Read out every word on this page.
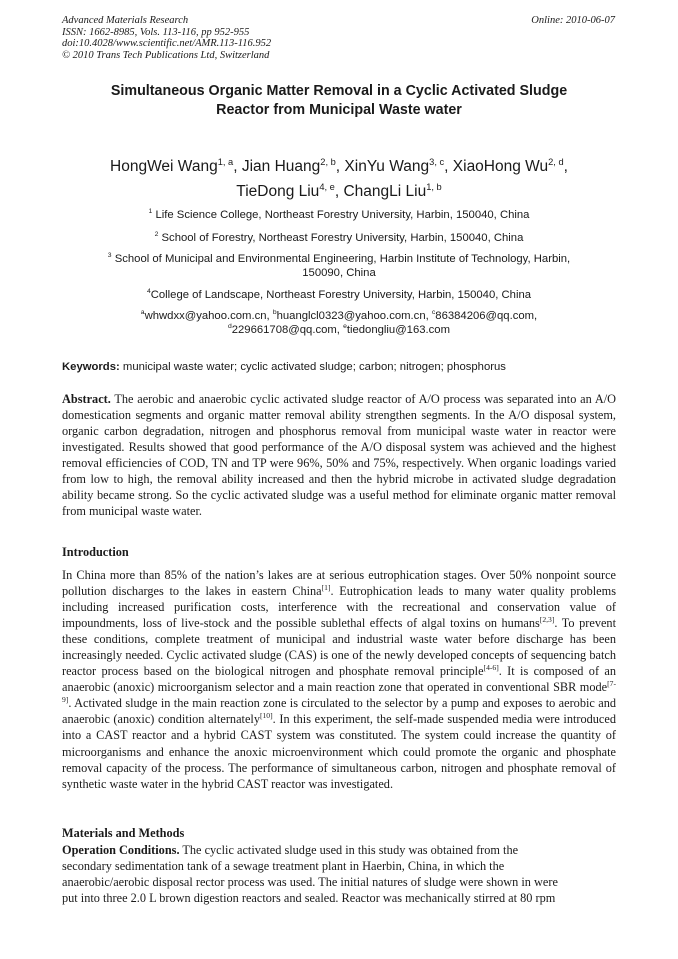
Advanced Materials Research
ISSN: 1662-8985, Vols. 113-116, pp 952-955
doi:10.4028/www.scientific.net/AMR.113-116.952
© 2010 Trans Tech Publications Ltd, Switzerland
Online: 2010-06-07
Simultaneous Organic Matter Removal in a Cyclic Activated Sludge
Reactor from Municipal Waste water
HongWei Wang$^{1, a}$, Jian Huang$^{2, b}$, XinYu Wang$^{3, c}$, XiaoHong Wu$^{2, d}$,
TieDong Liu$^{4, e}$, ChangLi Liu$^{1, b}$
$^1$ Life Science College, Northeast Forestry University, Harbin, 150040, China
$^2$ School of Forestry, Northeast Forestry University, Harbin, 150040, China
$^3$ School of Municipal and Environmental Engineering, Harbin Institute of Technology, Harbin,
150090, China
$^4$College of Landscape, Northeast Forestry University, Harbin, 150040, China
$^a$whwdxx@yahoo.com.cn, $^b$huanglcl0323@yahoo.com.cn, $^c$86384206@qq.com,
$^d$229661708@qq.com, $^e$tiedongliu@163.com
Keywords: municipal waste water; cyclic activated sludge; carbon; nitrogen; phosphorus
Abstract. The aerobic and anaerobic cyclic activated sludge reactor of A/O process was separated into an A/O domestication segments and organic matter removal ability strengthen segments. In the A/O disposal system, organic carbon degradation, nitrogen and phosphorus removal from municipal waste water in reactor were investigated. Results showed that good performance of the A/O disposal system was achieved and the highest removal efficiencies of COD, TN and TP were 96%, 50% and 75%, respectively. When organic loadings varied from low to high, the removal ability increased and then the hybrid microbe in activated sludge degradation ability became strong. So the cyclic activated sludge was a useful method for eliminate organic matter removal from municipal waste water.
Introduction
In China more than 85% of the nation’s lakes are at serious eutrophication stages. Over 50% nonpoint source pollution discharges to the lakes in eastern China[1]. Eutrophication leads to many water quality problems including increased purification costs, interference with the recreational and conservation value of impoundments, loss of live-stock and the possible sublethal effects of algal toxins on humans[2,3]. To prevent these conditions, complete treatment of municipal and industrial waste water before discharge has been increasingly needed. Cyclic activated sludge (CAS) is one of the newly developed concepts of sequencing batch reactor process based on the biological nitrogen and phosphate removal principle[4-6]. It is composed of an anaerobic (anoxic) microorganism selector and a main reaction zone that operated in conventional SBR mode[7-9]. Activated sludge in the main reaction zone is circulated to the selector by a pump and exposes to aerobic and anaerobic (anoxic) condition alternately[10]. In this experiment, the self-made suspended media were introduced into a CAST reactor and a hybrid CAST system was constituted. The system could increase the quantity of microorganisms and enhance the anoxic microenvironment which could promote the organic and phosphate removal capacity of the process. The performance of simultaneous carbon, nitrogen and phosphate removal of synthetic waste water in the hybrid CAST reactor was investigated.
Materials and Methods
Operation Conditions. The cyclic activated sludge used in this study was obtained from the
secondary sedimentation tank of a sewage treatment plant in Haerbin, China, in which the
anaerobic/aerobic disposal rector process was used. The initial natures of sludge were shown in were
put into three 2.0 L brown digestion reactors and sealed. Reactor was mechanically stirred at 80 rpm
